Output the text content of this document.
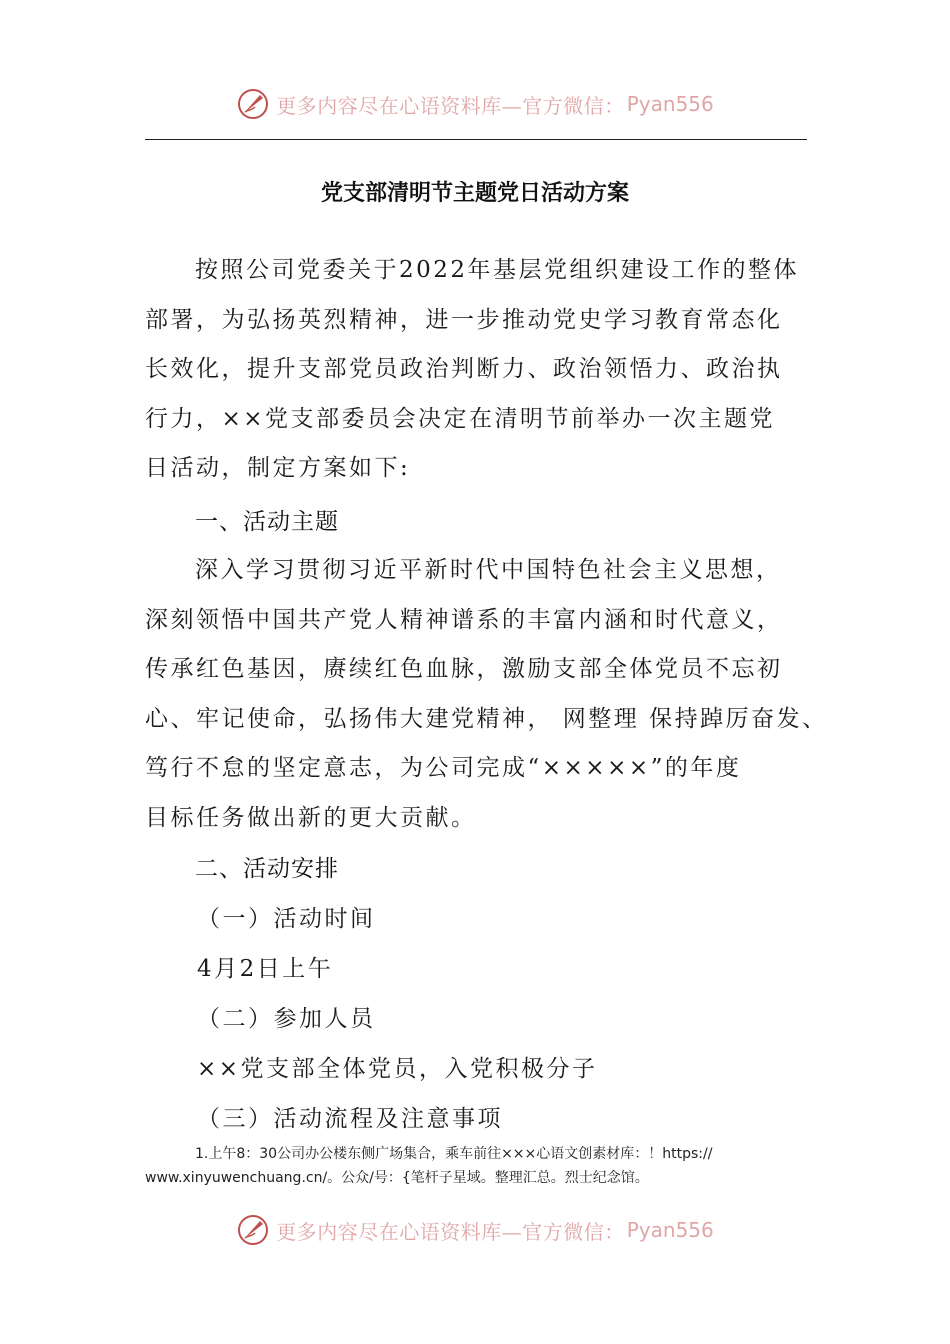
更多内容尽在心语资料库—官方微信： Pyan556
党支部清明节主题党日活动方案
按照公司党委关于2022年基层党组织建设工作的整体
部署，为弘扬英烈精神，进一步推动党史学习教育常态化
长效化，提升支部党员政治判断力、政治领悟力、政治执
行力，××党支部委员会决定在清明节前举办一次主题党
日活动，制定方案如下:
一、活动主题
深入学习贯彻习近平新时代中国特色社会主义思想，
深刻领悟中国共产党人精神谱系的丰富内涵和时代意义，
传承红色基因，赓续红色血脉，激励支部全体党员不忘初
心、牢记使命，弘扬伟大建党精神， 网整理 保持踔厉奋发、
笃行不怠的坚定意志，为公司完成“×××××”的年度
目标任务做出新的更大贡献。
二、活动安排
（一）活动时间
4月2日上午
（二）参加人员
××党支部全体党员，入党积极分子
（三）活动流程及注意事项
1.上午8：30公司办公楼东侧广场集合，乘车前往×××心语文创素材库：！https://
www.xinyuwenchuang.cn/。公众/号：{笔杆子星域。整理汇总。烈士纪念馆。
更多内容尽在心语资料库—官方微信： Pyan556
